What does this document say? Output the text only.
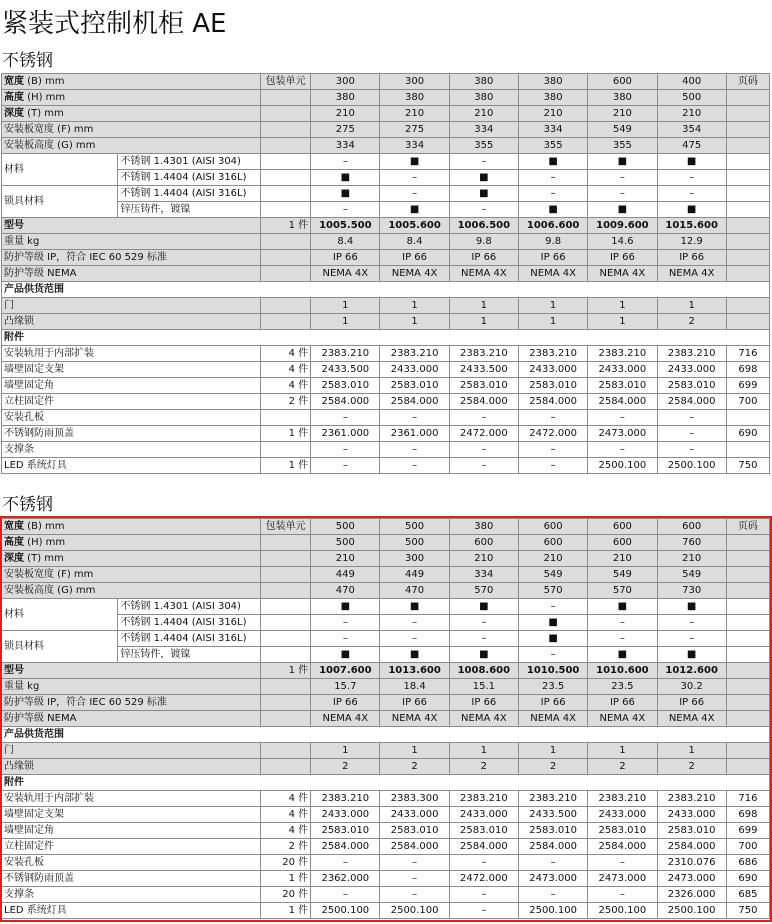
紧装式控制机柜 AE
不锈钢
宽度 (B) mm		包装单元	300	300	380	380	600	400	页码
高度 (H) mm			380	380	380	380	380	500	
深度 (T) mm			210	210	210	210	210	210	
安装板宽度 (F) mm			275	275	334	334	549	354	
安装板高度 (G) mm			334	334	355	355	355	475	
材料	不锈钢 1.4301 (AISI 304)		–	■	–	■	■	■	
	不锈钢 1.4404 (AISI 316L)		■	–	■	–	–	–	
锁具材料	不锈钢 1.4404 (AISI 316L)		■	–	■	–	–	–	
	锌压铸件，镀镍		–	■	–	■	■	■	
型号		1 件	1005.500	1005.600	1006.500	1006.600	1009.600	1015.600	
重量 kg			8.4	8.4	9.8	9.8	14.6	12.9	
防护等级 IP，符合 IEC 60 529 标准			IP 66	IP 66	IP 66	IP 66	IP 66	IP 66	
防护等级 NEMA			NEMA 4X	NEMA 4X	NEMA 4X	NEMA 4X	NEMA 4X	NEMA 4X	
产品供货范围									
门			1	1	1	1	1	1	
凸缘锁			1	1	1	1	1	2	
附件									
安装轨用于内部扩装		4 件	2383.210	2383.210	2383.210	2383.210	2383.210	2383.210	716
墙壁固定支架		4 件	2433.500	2433.000	2433.500	2433.000	2433.000	2433.000	698
墙壁固定角		4 件	2583.010	2583.010	2583.010	2583.010	2583.010	2583.010	699
立柱固定件		2 件	2584.000	2584.000	2584.000	2584.000	2584.000	2584.000	700
安装孔板			–	–	–	–	–	–	
不锈钢防雨顶盖		1 件	2361.000	2361.000	2472.000	2472.000	2473.000	–	690
支撑条			–	–	–	–	–	–	
LED 系统灯具		1 件	–	–	–	–	2500.100	2500.100	750
不锈钢
宽度 (B) mm		包装单元	500	500	380	600	600	600	页码
高度 (H) mm			500	500	600	600	600	760	
深度 (T) mm			210	300	210	210	210	210	
安装板宽度 (F) mm			449	449	334	549	549	549	
安装板高度 (G) mm			470	470	570	570	570	730	
材料	不锈钢 1.4301 (AISI 304)		■	■	■	–	■	■	
	不锈钢 1.4404 (AISI 316L)		–	–	–	■	–	–	
锁具材料	不锈钢 1.4404 (AISI 316L)		–	–	–	■	–	–	
	锌压铸件，镀镍		■	■	■	–	■	■	
型号		1 件	1007.600	1013.600	1008.600	1010.500	1010.600	1012.600	
重量 kg			15.7	18.4	15.1	23.5	23.5	30.2	
防护等级 IP，符合 IEC 60 529 标准			IP 66	IP 66	IP 66	IP 66	IP 66	IP 66	
防护等级 NEMA			NEMA 4X	NEMA 4X	NEMA 4X	NEMA 4X	NEMA 4X	NEMA 4X	
产品供货范围									
门			1	1	1	1	1	1	
凸缘锁			2	2	2	2	2	2	
附件									
安装轨用于内部扩装		4 件	2383.210	2383.300	2383.210	2383.210	2383.210	2383.210	716
墙壁固定支架		4 件	2433.000	2433.000	2433.000	2433.500	2433.000	2433.000	698
墙壁固定角		4 件	2583.010	2583.010	2583.010	2583.010	2583.010	2583.010	699
立柱固定件		2 件	2584.000	2584.000	2584.000	2584.000	2584.000	2584.000	700
安装孔板		20 件	–	–	–	–	–	2310.076	686
不锈钢防雨顶盖		1 件	2362.000	–	2472.000	2473.000	2473.000	2473.000	690
支撑条		20 件	–	–	–	–	–	2326.000	685
LED 系统灯具		1 件	2500.100	2500.100	–	2500.100	2500.100	2500.100	750
